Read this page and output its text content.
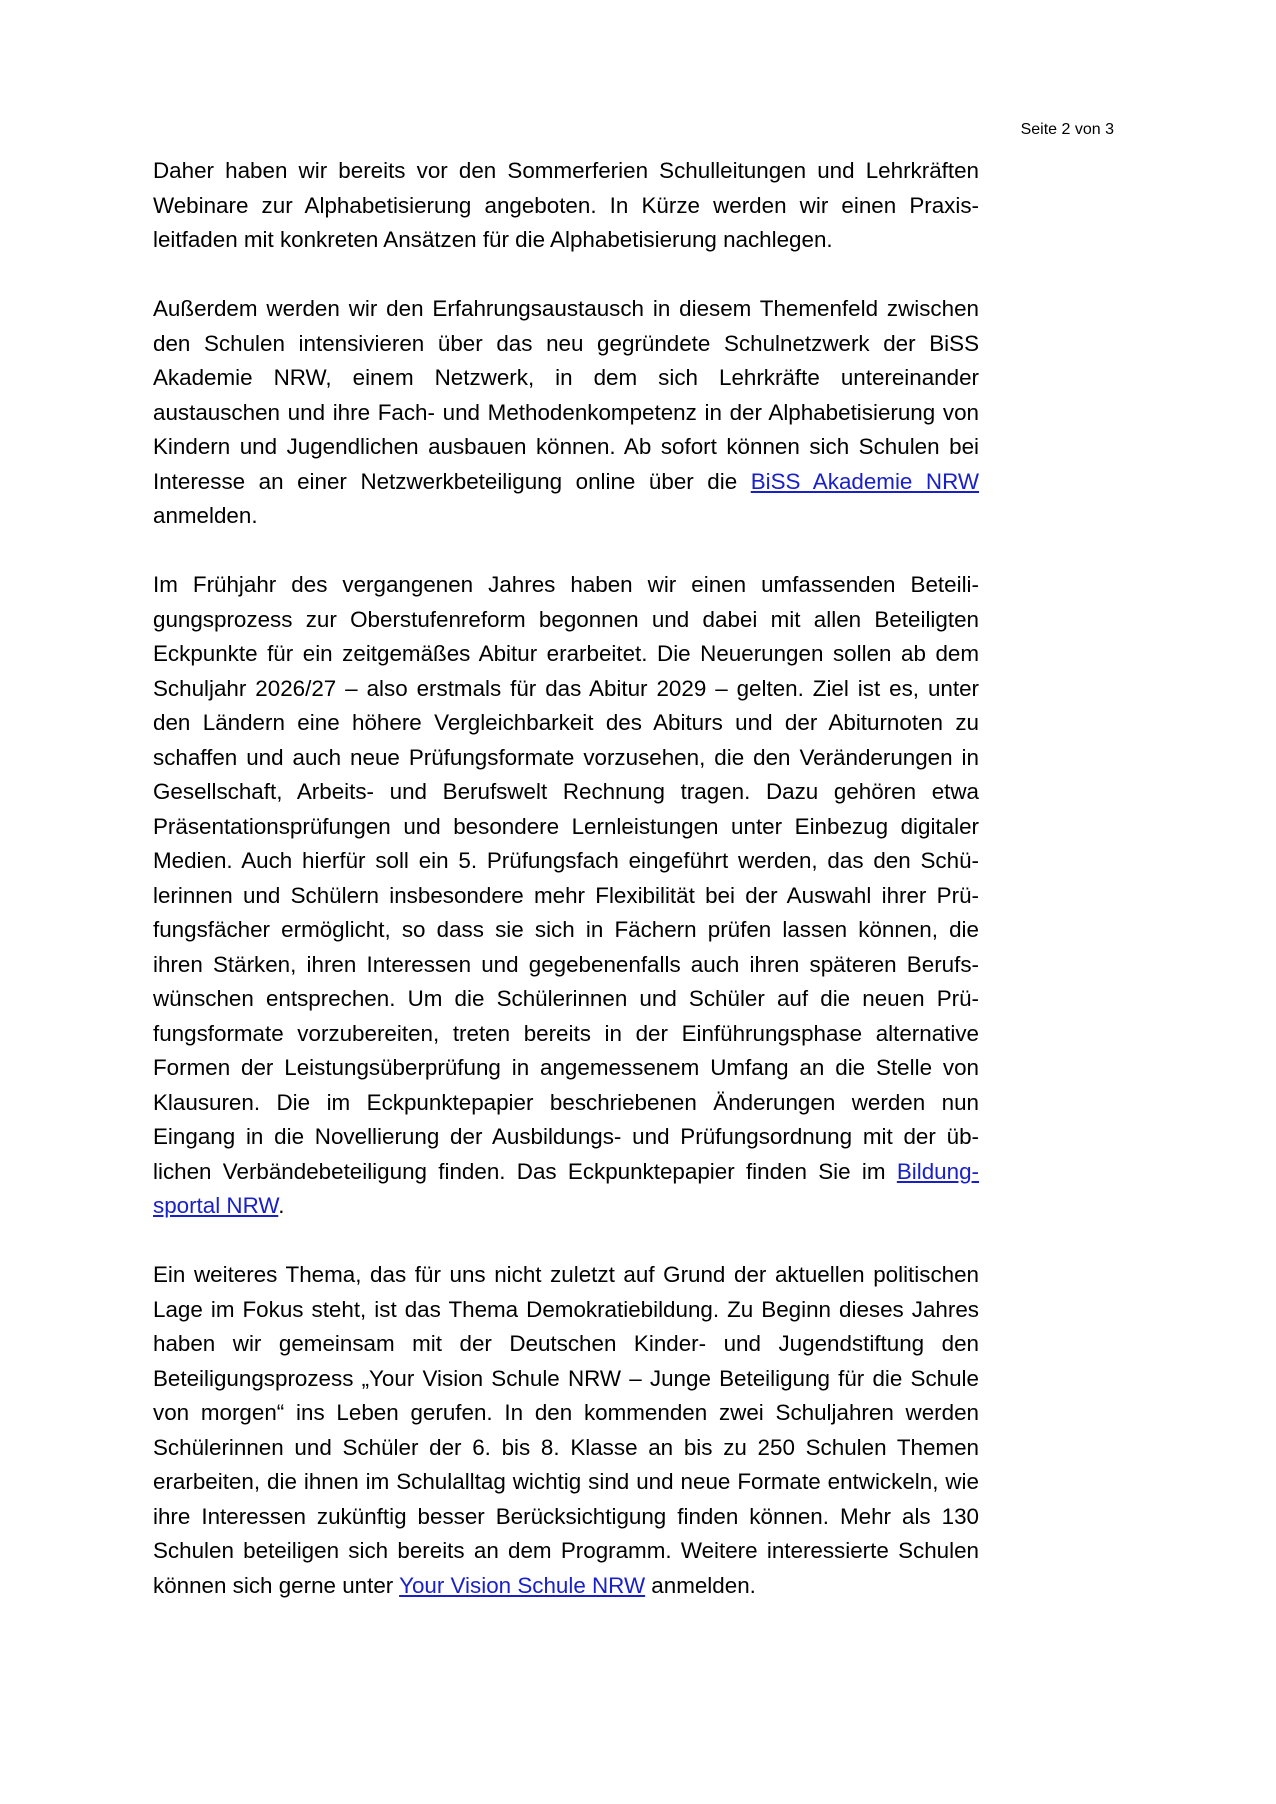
Seite 2 von 3

Daher haben wir bereits vor den Sommerferien Schulleitungen und Lehrkräften Webinare zur Alphabetisierung angeboten. In Kürze werden wir einen Praxisleitfaden mit konkreten Ansätzen für die Alphabetisierung nachlegen.

Außerdem werden wir den Erfahrungsaustausch in diesem Themenfeld zwischen den Schulen intensivieren über das neu gegründete Schulnetzwerk der BiSS Akademie NRW, einem Netzwerk, in dem sich Lehrkräfte untereinander austauschen und ihre Fach- und Methodenkompetenz in der Alphabetisierung von Kindern und Jugendlichen ausbauen können. Ab sofort können sich Schulen bei Interesse an einer Netzwerkbeteiligung online über die BiSS Akademie NRW anmelden.

Im Frühjahr des vergangenen Jahres haben wir einen umfassenden Beteiligungsprozess zur Oberstufenreform begonnen und dabei mit allen Beteiligten Eckpunkte für ein zeitgemäßes Abitur erarbeitet. Die Neuerungen sollen ab dem Schuljahr 2026/27 – also erstmals für das Abitur 2029 – gelten. Ziel ist es, unter den Ländern eine höhere Vergleichbarkeit des Abiturs und der Abiturnoten zu schaffen und auch neue Prüfungsformate vorzusehen, die den Veränderungen in Gesellschaft, Arbeits- und Berufswelt Rechnung tragen. Dazu gehören etwa Präsentationsprüfungen und besondere Lernleistungen unter Einbezug digitaler Medien. Auch hierfür soll ein 5. Prüfungsfach eingeführt werden, das den Schülerinnen und Schülern insbesondere mehr Flexibilität bei der Auswahl ihrer Prüfungsfächer ermöglicht, so dass sie sich in Fächern prüfen lassen können, die ihren Stärken, ihren Interessen und gegebenenfalls auch ihren späteren Berufswünschen entsprechen. Um die Schülerinnen und Schüler auf die neuen Prüfungsformate vorzubereiten, treten bereits in der Einführungsphase alternative Formen der Leistungsüberprüfung in angemessenem Umfang an die Stelle von Klausuren. Die im Eckpunktepapier beschriebenen Änderungen werden nun Eingang in die Novellierung der Ausbildungs- und Prüfungsordnung mit der üblichen Verbändebeteiligung finden. Das Eckpunktepapier finden Sie im Bildungsportal NRW.

Ein weiteres Thema, das für uns nicht zuletzt auf Grund der aktuellen politischen Lage im Fokus steht, ist das Thema Demokratiebildung. Zu Beginn dieses Jahres haben wir gemeinsam mit der Deutschen Kinder- und Jugendstiftung den Beteiligungsprozess „Your Vision Schule NRW – Junge Beteiligung für die Schule von morgen“ ins Leben gerufen. In den kommenden zwei Schuljahren werden Schülerinnen und Schüler der 6. bis 8. Klasse an bis zu 250 Schulen Themen erarbeiten, die ihnen im Schulalltag wichtig sind und neue Formate entwickeln, wie ihre Interessen zukünftig besser Berücksichtigung finden können. Mehr als 130 Schulen beteiligen sich bereits an dem Programm. Weitere interessierte Schulen können sich gerne unter Your Vision Schule NRW anmelden.
